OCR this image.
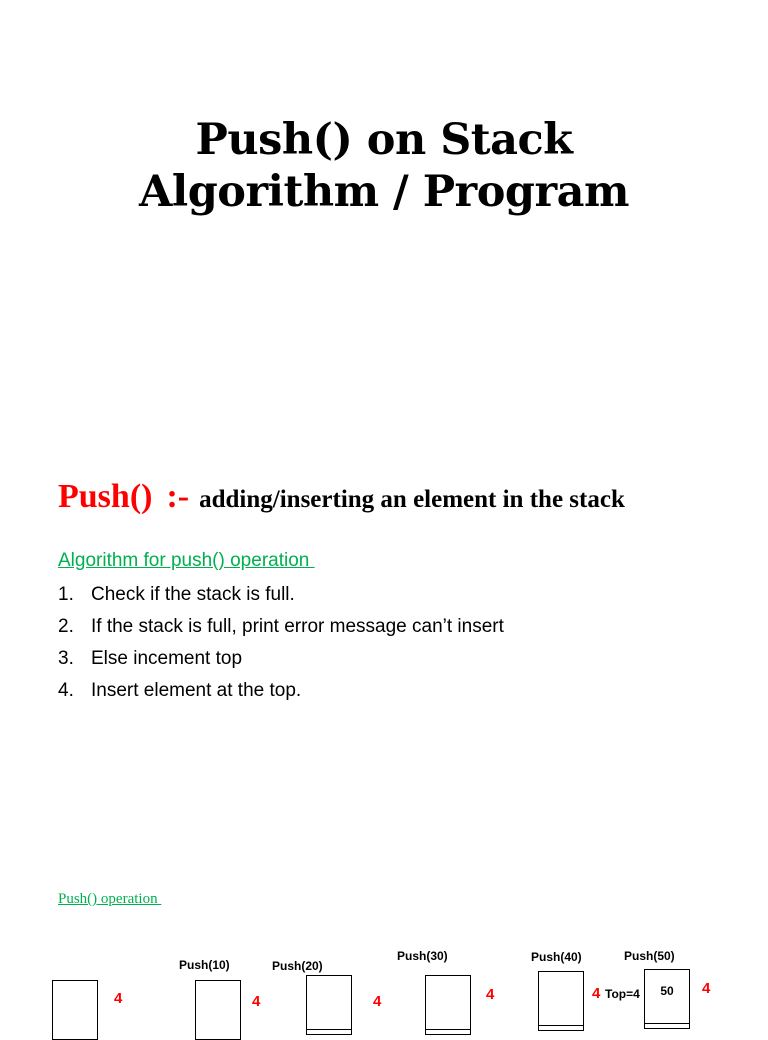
Push() on Stack
Algorithm / Program
Push() :- adding/inserting an element in the stack
Algorithm for push() operation
1. Check if the stack is full.
2. If the stack is full, print error message can’t insert
3. Else incement top
4. Insert element at the top.
Push() operation
4
Push(10)
4
Push(20)
4
Push(30)
4
Push(40)
4 Top=4
Push(50)
50	4
